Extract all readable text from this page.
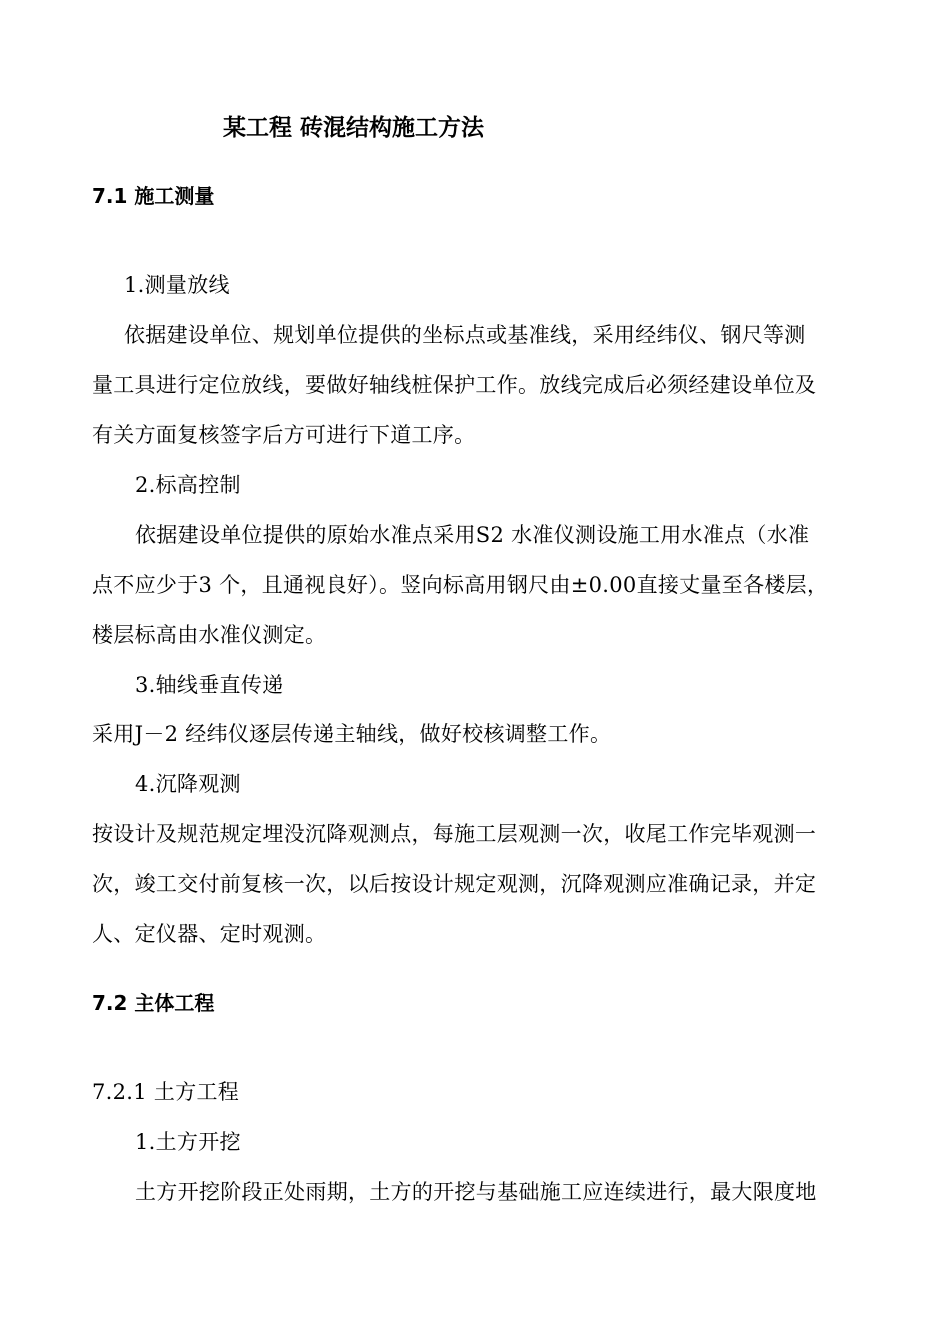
某工程 砖混结构施工方法
7.1 施工测量
1.测量放线
依据建设单位、规划单位提供的坐标点或基准线，采用经纬仪、钢尺等测
量工具进行定位放线，要做好轴线桩保护工作。放线完成后必须经建设单位及
有关方面复核签字后方可进行下道工序。
2.标高控制
依据建设单位提供的原始水准点采用S2 水准仪测设施工用水准点（水准
点不应少于3 个，且通视良好）。竖向标高用钢尺由±0.00直接丈量至各楼层，
楼层标高由水准仪测定。
3.轴线垂直传递
采用J－2 经纬仪逐层传递主轴线，做好校核调整工作。
4.沉降观测
按设计及规范规定埋没沉降观测点，每施工层观测一次，收尾工作完毕观测一
次，竣工交付前复核一次，以后按设计规定观测，沉降观测应准确记录，并定
人、定仪器、定时观测。
7.2 主体工程
7.2.1 土方工程
1.土方开挖
土方开挖阶段正处雨期，土方的开挖与基础施工应连续进行，最大限度地
